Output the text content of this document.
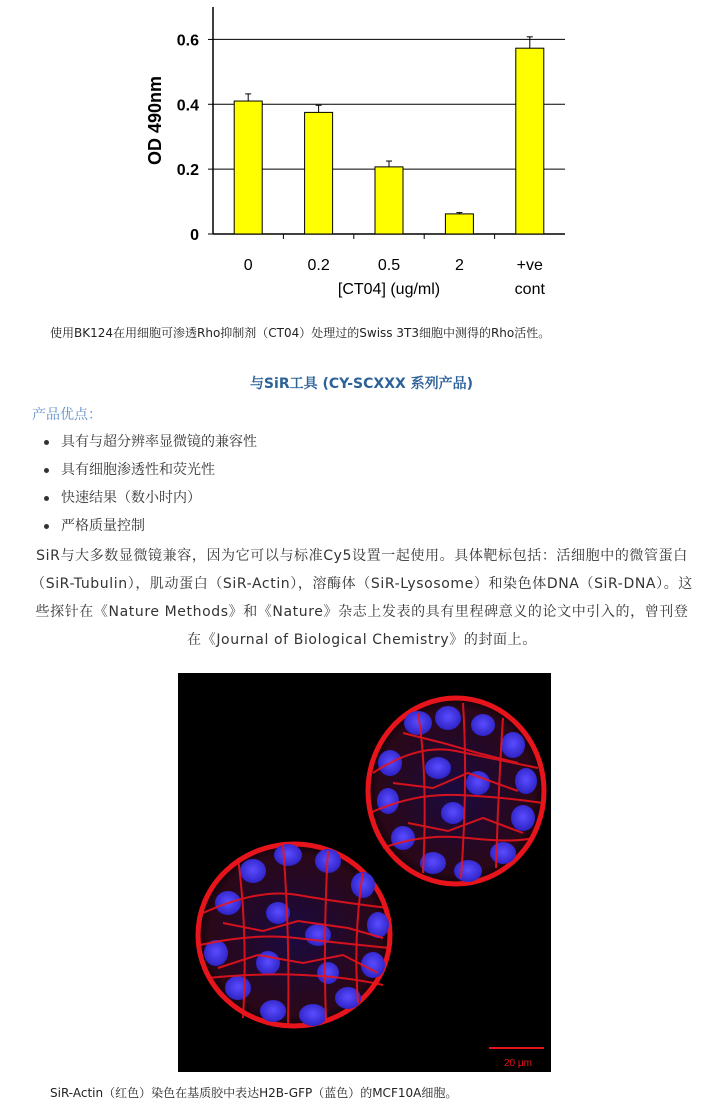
0
0.2
0.4
0.6
OD 490nm
0	0.2	0.5	2	+ve
cont
[CT04] (ug/ml)
使用BK124在用细胞可渗透Rho抑制剂（CT04）处理过的Swiss 3T3细胞中测得的Rho活性。
与SiR工具 (CY-SCXXX 系列产品)
产品优点：
具有与超分辨率显微镜的兼容性
具有细胞渗透性和荧光性
快速结果（数小时内）
严格质量控制
SiR与大多数显微镜兼容，因为它可以与标准Cy5设置一起使用。具体靶标包括：活细胞中的微管蛋白（SiR-Tubulin），肌动蛋白（SiR-Actin），溶酶体（SiR-Lysosome）和染色体DNA（SiR-DNA）。这些探针在《Nature Methods》和《Nature》杂志上发表的具有里程碑意义的论文中引入的，曾刊登在《Journal of Biological Chemistry》的封面上。
20 μm
SiR-Actin（红色）染色在基质胶中表达H2B-GFP（蓝色）的MCF10A细胞。
